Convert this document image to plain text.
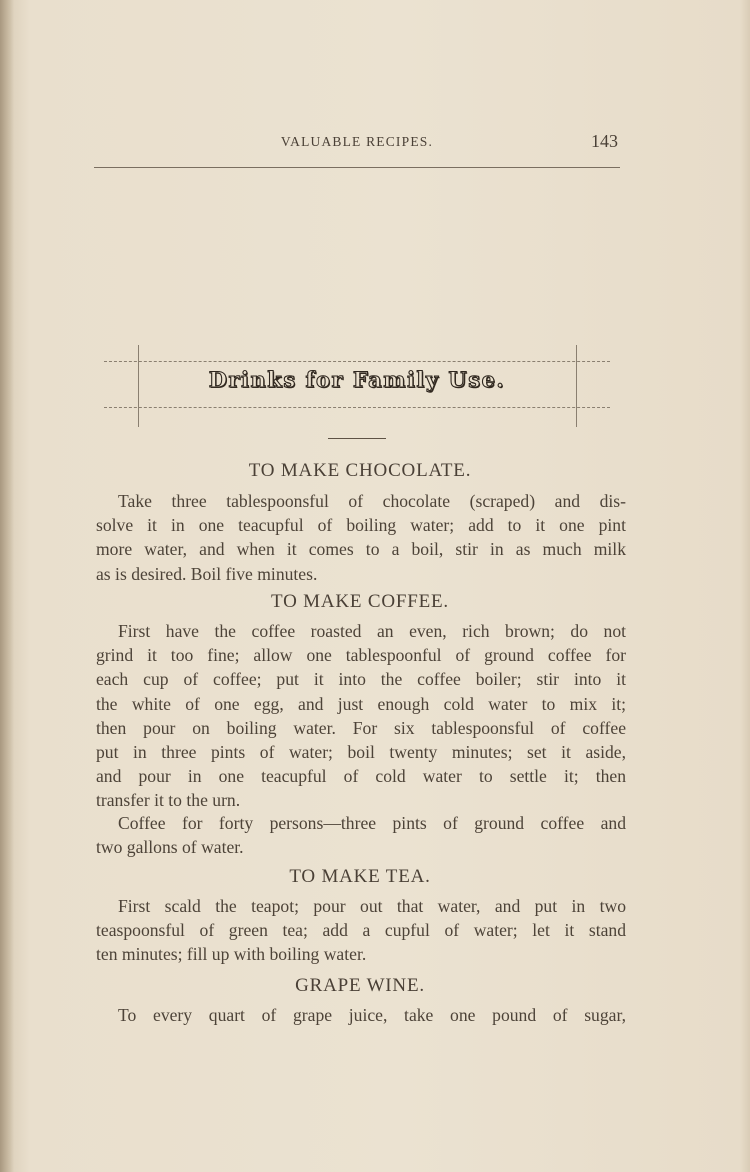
VALUABLE RECIPES.	143
Drinks for Family Use.
TO MAKE CHOCOLATE.
Take three tablespoonsful of chocolate (scraped) and dis-
solve it in one teacupful of boiling water; add to it one pint
more water, and when it comes to a boil, stir in as much milk
as is desired. Boil five minutes.
TO MAKE COFFEE.
First have the coffee roasted an even, rich brown; do not
grind it too fine; allow one tablespoonful of ground coffee for
each cup of coffee; put it into the coffee boiler; stir into it
the white of one egg, and just enough cold water to mix it;
then pour on boiling water. For six tablespoonsful of coffee
put in three pints of water; boil twenty minutes; set it aside,
and pour in one teacupful of cold water to settle it; then
transfer it to the urn.
Coffee for forty persons—three pints of ground coffee and
two gallons of water.
TO MAKE TEA.
First scald the teapot; pour out that water, and put in two
teaspoonsful of green tea; add a cupful of water; let it stand
ten minutes; fill up with boiling water.
GRAPE WINE.
To every quart of grape juice, take one pound of sugar,
